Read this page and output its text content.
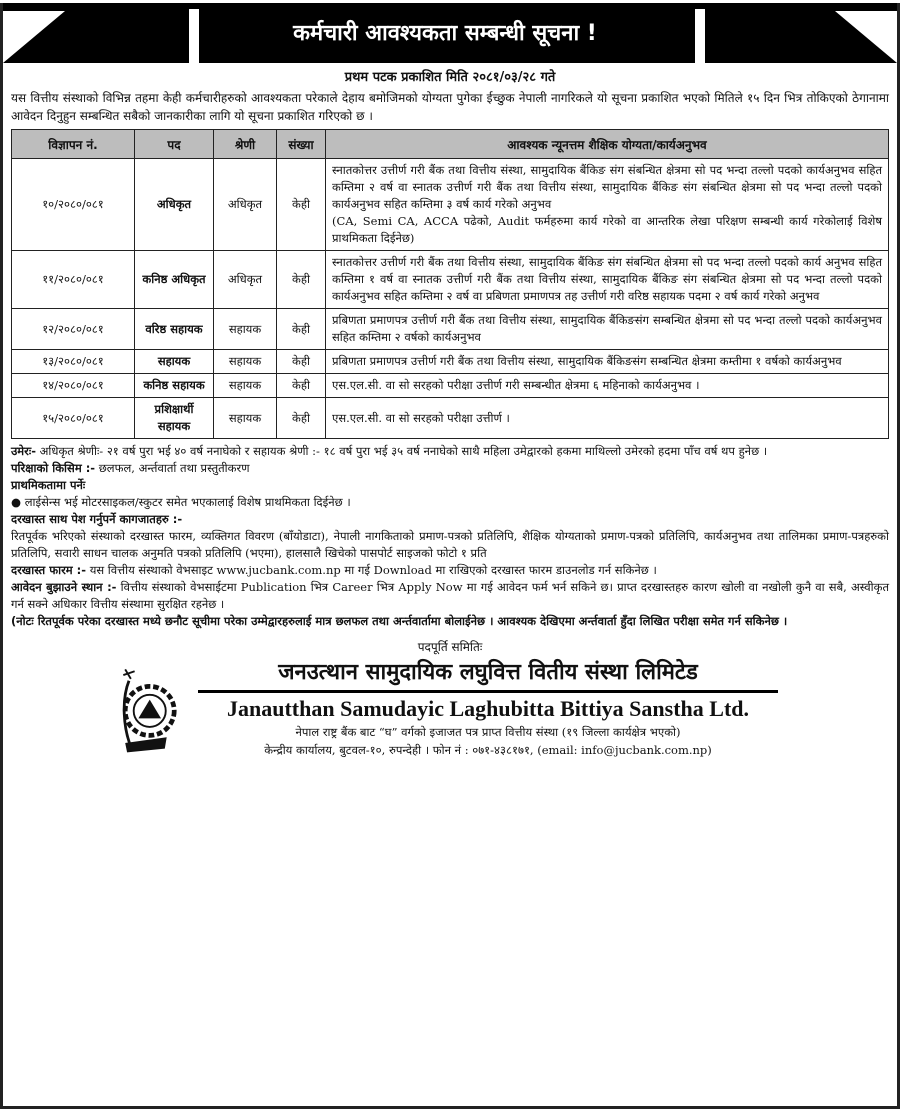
कर्मचारी आवश्यकता सम्बन्धी सूचना !
प्रथम पटक प्रकाशित मिति २०८१/०३/२८ गते
यस वित्तीय संस्थाको विभिन्न तहमा केही कर्मचारीहरुको आवश्यकता परेकाले देहाय बमोजिमको योग्यता पुगेका ईच्छुक नेपाली नागरिकले यो सूचना प्रकाशित भएको मितिले १५ दिन भित्र तोकिएको ठेगानामा आवेदन दिनुहुन सम्बन्धित सबैको जानकारीका लागि यो सूचना प्रकाशित गरिएको छ ।
विज्ञापन नं.	पद	श्रेणी	संख्या	आवश्यक न्यूनत्तम शैक्षिक योग्यता/कार्यअनुभव
१०/२०८०/०८१	अधिकृत	अधिकृत	केही	स्नातकोत्तर उत्तीर्ण गरी बैंक तथा वित्तीय संस्था, सामुदायिक बैंकिङ संग संबन्धित क्षेत्रमा सो पद भन्दा तल्लो पदको कार्यअनुभव सहित कम्तिमा २ वर्ष वा स्नातक उत्तीर्ण गरी बैंक तथा वित्तीय संस्था, सामुदायिक बैंकिङ संग संबन्धित क्षेत्रमा सो पद भन्दा तल्लो पदको कार्यअनुभव सहित कम्तिमा ३ वर्ष कार्य गरेको अनुभव
(CA, Semi CA, ACCA पढेको, Audit फर्महरुमा कार्य गरेको वा आन्तरिक लेखा परिक्षण सम्बन्धी कार्य गरेकोलाई विशेष प्राथमिकता दिईनेछ)

११/२०८०/०८१	कनिष्ठ अधिकृत	अधिकृत	केही	स्नातकोत्तर उत्तीर्ण गरी बैंक तथा वित्तीय संस्था, सामुदायिक बैंकिङ संग संबन्धित क्षेत्रमा सो पद भन्दा तल्लो पदको कार्य अनुभव सहित कम्तिमा १ वर्ष वा स्नातक उत्तीर्ण गरी बैंक तथा वित्तीय संस्था, सामुदायिक बैंकिङ संग संबन्धित क्षेत्रमा सो पद भन्दा तल्लो पदको कार्यअनुभव सहित कम्तिमा २ वर्ष वा प्रबिणता प्रमाणपत्र तह उत्तीर्ण गरी वरिष्ठ सहायक पदमा २ वर्ष कार्य गरेको अनुभव
१२/२०८०/०८१	वरिष्ठ सहायक	सहायक	केही	प्रबिणता प्रमाणपत्र उत्तीर्ण गरी बैंक तथा वित्तीय संस्था, सामुदायिक बैंकिङसंग सम्बन्धित क्षेत्रमा सो पद भन्दा तल्लो पदको कार्यअनुभव सहित कम्तिमा २ वर्षको कार्यअनुभव
१३/२०८०/०८१	सहायक	सहायक	केही	प्रबिणता प्रमाणपत्र उत्तीर्ण गरी बैंक तथा वित्तीय संस्था, सामुदायिक बैंकिङसंग सम्बन्धित क्षेत्रमा कम्तीमा १ वर्षको कार्यअनुभव
१४/२०८०/०८१	कनिष्ठ सहायक	सहायक	केही	एस.एल.सी. वा सो सरहको परीक्षा उत्तीर्ण गरी सम्बन्धीत क्षेत्रमा ६ महिनाको कार्यअनुभव ।
१५/२०८०/०८१	प्रशिक्षार्थी सहायक	सहायक	केही	एस.एल.सी. वा सो सरहको परीक्षा उत्तीर्ण ।

उमेरः- अधिकृत श्रेणीः- २१ वर्ष पुरा भई ४० वर्ष ननाघेको र सहायक श्रेणी :- १८ वर्ष पुरा भई ३५ वर्ष ननाघेको साथै महिला उमेद्वारको हकमा माथिल्लो उमेरको हदमा पाँच वर्ष थप हुनेछ ।

परिक्षाको किसिम :- छलफल, अर्न्तवार्ता तथा प्रस्तुतीकरण

प्राथमिकतामा पर्नेः

● लाईसेन्स भई मोटरसाइकल/स्कुटर समेत भएकालाई विशेष प्राथमिकता दिईनेछ ।

दरखास्त साथ पेश गर्नुपर्ने कागजातहरु :-

रितपूर्वक भरिएको संस्थाको दरखास्त फारम, व्यक्तिगत विवरण (बाँयोडाटा), नेपाली नागकिताको प्रमाण-पत्रको प्रतिलिपि, शैक्षिक योग्यताको प्रमाण-पत्रको प्रतिलिपि, कार्यअनुभव तथा तालिमका प्रमाण-पत्रहरुको प्रतिलिपि, सवारी साधन चालक अनुमति पत्रको प्रतिलिपि (भएमा), हालसालै खिचेको पासपोर्ट साइजको फोटो १ प्रति

दरखास्त फारम :- यस वित्तीय संस्थाको वेभसाइट www.jucbank.com.np मा गई Download मा राखिएको दरखास्त फारम डाउनलोड गर्न सकिनेछ ।

आवेदन बुझाउने स्थान :- वित्तीय संस्थाको वेभसाईटमा Publication भित्र Career भित्र Apply Now मा गई आवेदन फर्म भर्न सकिने छ। प्राप्त दरखास्तहरु कारण खोली वा नखोली कुनै वा सबै, अस्वीकृत गर्न सक्ने अधिकार वित्तीय संस्थामा सुरक्षित रहनेछ ।

(नोटः रितपूर्वक परेका दरखास्त मध्ये छनौट सूचीमा परेका उम्मेद्वारहरुलाई मात्र छलफल तथा अर्न्तवार्तामा बोलाईनेछ । आवश्यक देखिएमा अर्न्तवार्ता हुँदा लिखित परीक्षा समेत गर्न सकिनेछ ।

पदपूर्ति समितिः
जनउत्थान सामुदायिक लघुवित्त वितीय संस्था लिमिटेड
Janautthan Samudayic Laghubitta Bittiya Sanstha Ltd.
नेपाल राष्ट्र बैंक बाट “घ” वर्गको इजाजत पत्र प्राप्त वित्तीय संस्था (१९ जिल्ला कार्यक्षेत्र भएको)
केन्द्रीय कार्यालय, बुटवल-१०, रुपन्देही । फोन नं : ०७१-४३८१७१, (email: info@jucbank.com.np)
